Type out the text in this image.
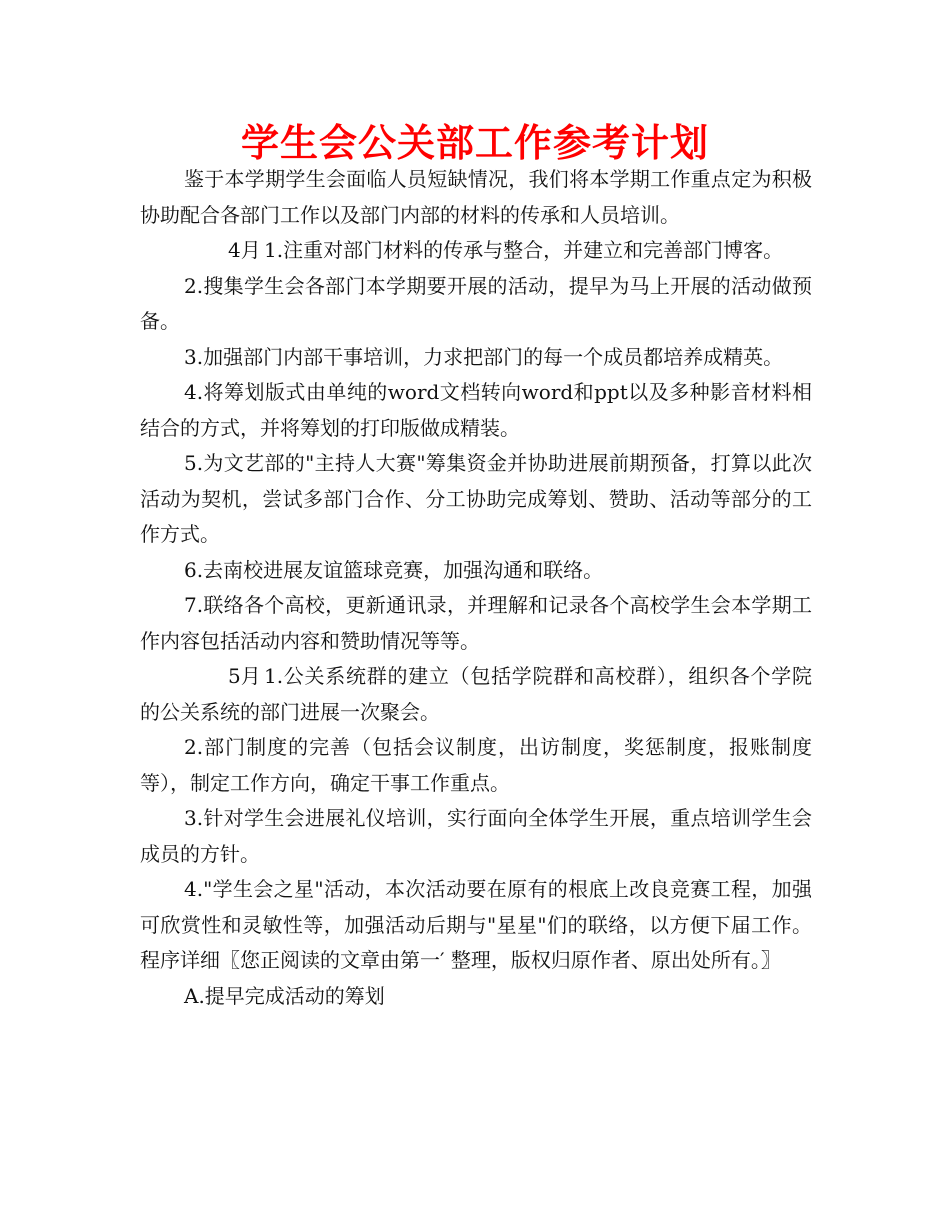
学生会公关部工作参考计划

鉴于本学期学生会面临人员短缺情况，我们将本学期工作重点定为积极协助配合各部门工作以及部门内部的材料的传承和人员培训。

4月 1.注重对部门材料的传承与整合，并建立和完善部门博客。

2.搜集学生会各部门本学期要开展的活动，提早为马上开展的活动做预备。

3.加强部门内部干事培训，力求把部门的每一个成员都培养成精英。

4.将筹划版式由单纯的word文档转向word和ppt以及多种影音材料相结合的方式，并将筹划的打印版做成精装。

5.为文艺部的"主持人大赛"筹集资金并协助进展前期预备，打算以此次活动为契机，尝试多部门合作、分工协助完成筹划、赞助、活动等部分的工作方式。

6.去南校进展友谊篮球竞赛，加强沟通和联络。

7.联络各个高校，更新通讯录，并理解和记录各个高校学生会本学期工作内容包括活动内容和赞助情况等等。

5月 1.公关系统群的建立（包括学院群和高校群），组织各个学院的公关系统的部门进展一次聚会。

2.部门制度的完善（包括会议制度，出访制度，奖惩制度，报账制度等），制定工作方向，确定干事工作重点。

3.针对学生会进展礼仪培训，实行面向全体学生开展，重点培训学生会成员的方针。

4."学生会之星"活动，本次活动要在原有的根底上改良竞赛工程，加强可欣赏性和灵敏性等，加强活动后期与"星星"们的联络，以方便下届工作。程序详细〖您正阅读的文章由第一′ 整理，版权归原作者、原出处所有。〗

A.提早完成活动的筹划
